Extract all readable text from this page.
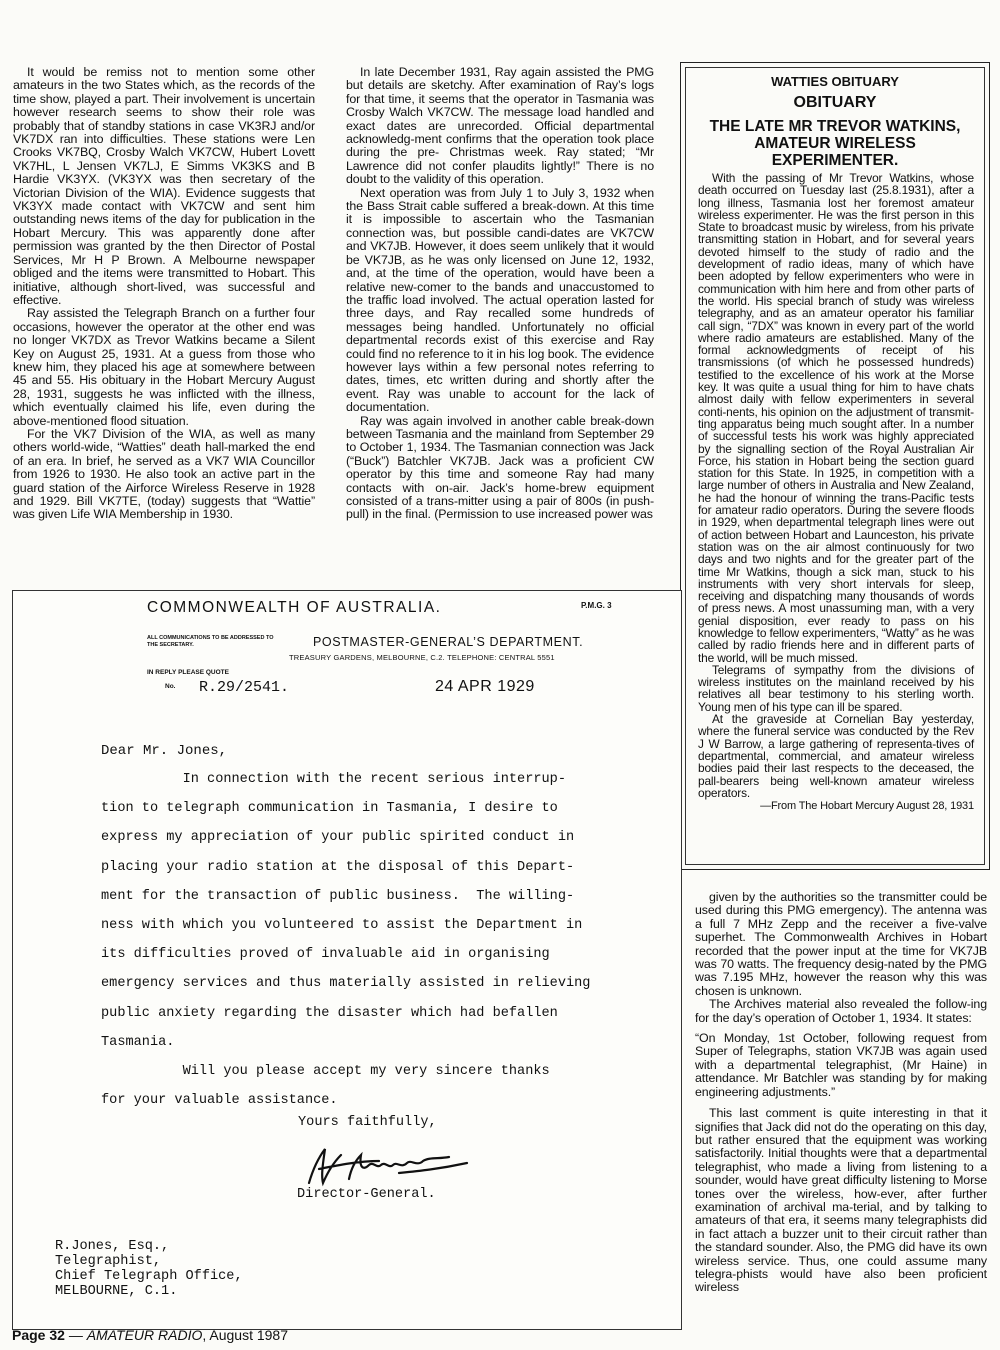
It would be remiss not to mention some other amateurs in the two States which, as the records of the time show, played a part. Their involvement is uncertain however research seems to show their role was probably that of standby stations in case VK3RJ and/or VK7DX ran into difficulties. These stations were Len Crooks VK7BQ, Crosby Walch VK7CW, Hubert Lovett VK7HL, L Jensen VK7LJ, E Simms VK3KS and B Hardie VK3YX. (VK3YX was then secretary of the Victorian Division of the WIA). Evidence suggests that VK3YX made contact with VK7CW and sent him outstanding news items of the day for publication in the Hobart Mercury. This was apparently done after permission was granted by the then Director of Postal Services, Mr H P Brown. A Melbourne newspaper obliged and the items were transmitted to Hobart. This initiative, although short-lived, was successful and effective.

Ray assisted the Telegraph Branch on a further four occasions, however the operator at the other end was no longer VK7DX as Trevor Watkins became a Silent Key on August 25, 1931. At a guess from those who knew him, they placed his age at somewhere between 45 and 55. His obituary in the Hobart Mercury August 28, 1931, suggests he was inflicted with the illness, which eventually claimed his life, even during the above-mentioned flood situation.

For the VK7 Division of the WIA, as well as many others world-wide, “Watties” death hall-marked the end of an era. In brief, he served as a VK7 WIA Councillor from 1926 to 1930. He also took an active part in the guard station of the Airforce Wireless Reserve in 1928 and 1929. Bill VK7TE, (today) suggests that “Wattie” was given Life WIA Membership in 1930.

In late December 1931, Ray again assisted the PMG but details are sketchy. After examination of Ray’s logs for that time, it seems that the operator in Tasmania was Crosby Walch VK7CW. The message load handled and exact dates are unrecorded. Official departmental acknowledg-ment confirms that the operation took place during the pre- Christmas week. Ray stated; “Mr Lawrence did not confer plaudits lightly!” There is no doubt to the validity of this operation.

Next operation was from July 1 to July 3, 1932 when the Bass Strait cable suffered a break-down. At this time it is impossible to ascertain who the Tasmanian connection was, but possible candi-dates are VK7CW and VK7JB. However, it does seem unlikely that it would be VK7JB, as he was only licensed on June 12, 1932, and, at the time of the operation, would have been a relative new-comer to the bands and unaccustomed to the traffic load involved. The actual operation lasted for three days, and Ray recalled some hundreds of messages being handled. Unfortunately no official departmental records exist of this exercise and Ray could find no reference to it in his log book. The evidence however lays within a few personal notes referring to dates, times, etc written during and shortly after the event. Ray was unable to account for the lack of documentation.

Ray was again involved in another cable break-down between Tasmania and the mainland from September 29 to October 1, 1934. The Tasmanian connection was Jack (“Buck”) Batchler VK7JB. Jack was a proficient CW operator by this time and someone Ray had many contacts with on-air. Jack’s home-brew equipment consisted of a trans-mitter using a pair of 800s (in push-pull) in the final. (Permission to use increased power was

WATTIES OBITUARY
OBITUARY
THE LATE MR TREVOR WATKINS, AMATEUR WIRELESS EXPERIMENTER.

With the passing of Mr Trevor Watkins, whose death occurred on Tuesday last (25.8.1931), after a long illness, Tasmania lost her foremost amateur wireless experimenter. He was the first person in this State to broadcast music by wireless, from his private transmitting station in Hobart, and for several years devoted himself to the study of radio and the development of radio ideas, many of which have been adopted by fellow experimenters who were in communication with him here and from other parts of the world. His special branch of study was wireless telegraphy, and as an amateur operator his familiar call sign, “7DX” was known in every part of the world where radio amateurs are established. Many of the formal acknowledgments of receipt of his transmissions (of which he possessed hundreds) testified to the excellence of his work at the Morse key. It was quite a usual thing for him to have chats almost daily with fellow experimenters in several conti-nents, his opinion on the adjustment of transmit-ting apparatus being much sought after. In a number of successful tests his work was highly appreciated by the signalling section of the Royal Australian Air Force, his station in Hobart being the section guard station for this State. In 1925, in competition with a large number of others in Australia and New Zealand, he had the honour of winning the trans-Pacific tests for amateur radio operators. During the severe floods in 1929, when departmental telegraph lines were out of action between Hobart and Launceston, his private station was on the air almost continuously for two days and two nights and for the greater part of the time Mr Watkins, though a sick man, stuck to his instruments with very short intervals for sleep, receiving and dispatching many thousands of words of press news. A most unassuming man, with a very genial disposition, ever ready to pass on his knowledge to fellow experimenters, “Watty” as he was called by radio friends here and in different parts of the world, will be much missed.

Telegrams of sympathy from the divisions of wireless institutes on the mainland received by his relatives all bear testimony to his sterling worth. Young men of his type can ill be spared.

At the graveside at Cornelian Bay yesterday, where the funeral service was conducted by the Rev J W Barrow, a large gathering of representa-tives of departmental, commercial, and amateur wireless bodies paid their last respects to the deceased, the pall-bearers being well-known amateur wireless operators.

—From The Hobart Mercury August 28, 1931

given by the authorities so the transmitter could be used during this PMG emergency). The antenna was a full 7 MHz Zepp and the receiver a five-valve superhet. The Commonwealth Archives in Hobart recorded that the power input at the time for VK7JB was 70 watts. The frequency desig-nated by the PMG was 7.195 MHz, however the reason why this was chosen is unknown.

The Archives material also revealed the follow-ing for the day’s operation of October 1, 1934. It states:

“On Monday, 1st October, following request from Super of Telegraphs, station VK7JB was again used with a departmental telegraphist, (Mr Haine) in attendance. Mr Batchler was standing by for making engineering adjustments.”

This last comment is quite interesting in that it signifies that Jack did not do the operating on this day, but rather ensured that the equipment was working satisfactorily. Initial thoughts were that a departmental telegraphist, who made a living from listening to a sounder, would have great difficulty listening to Morse tones over the wireless, how-ever, after further examination of archival ma-terial, and by talking to amateurs of that era, it seems many telegraphists did in fact attach a buzzer unit to their circuit rather than the standard sounder. Also, the PMG did have its own wireless service. Thus, one could assume many telegra-phists would have also been proficient wireless

COMMONWEALTH OF AUSTRALIA.	P.M.G. 3
ALL COMMUNICATIONS TO BE ADDRESSED TO THE SECRETARY.	POSTMASTER-GENERAL’S DEPARTMENT.
TREASURY GARDENS, MELBOURNE, C.2. TELEPHONE: CENTRAL 5551
IN REPLY PLEASE QUOTE
No. R.29/2541.	24 APR 1929
Dear Mr. Jones,
In connection with the recent serious interrup-
tion to telegraph communication in Tasmania, I desire to
express my appreciation of your public spirited conduct in
placing your radio station at the disposal of this Depart-
ment for the transaction of public business.  The willing-
ness with which you volunteered to assist the Department in
its difficulties proved of invaluable aid in organising
emergency services and thus materially assisted in relieving
public anxiety regarding the disaster which had befallen
Tasmania.
Will you please accept my very sincere thanks
for your valuable assistance.
Yours faithfully,
Director-General.
R.Jones, Esq.,
Telegraphist,
Chief Telegraph Office,
MELBOURNE, C.1.
Page 32 — AMATEUR RADIO, August 1987
